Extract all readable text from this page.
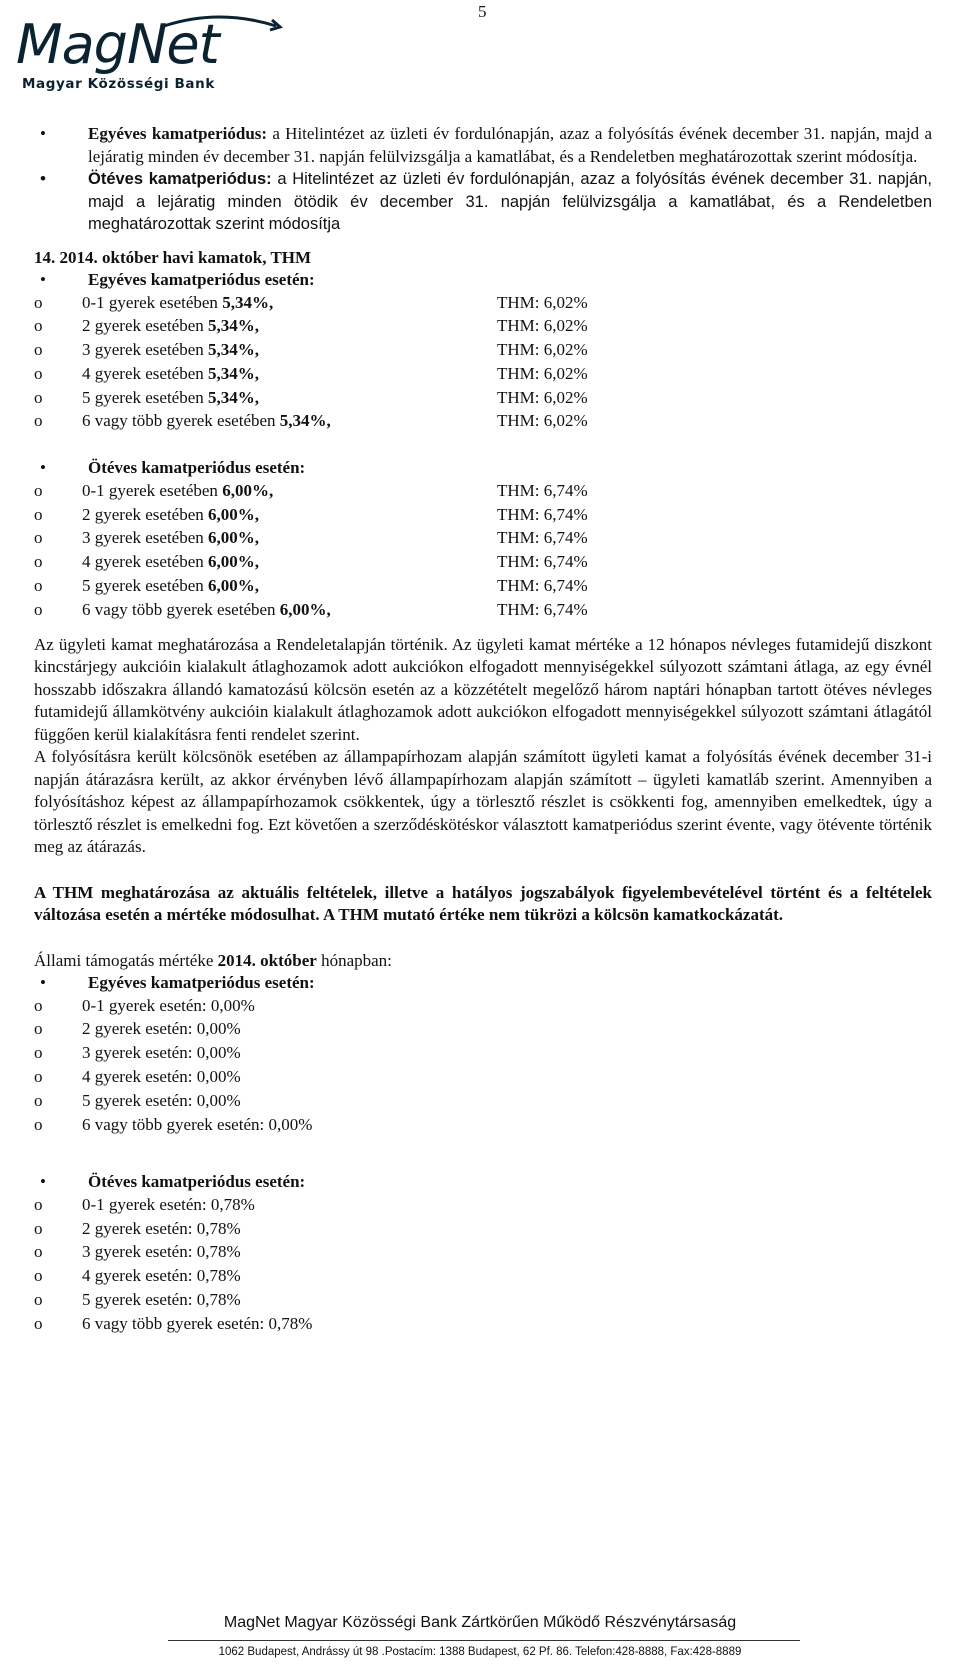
5
MagNet
Magyar Közösségi Bank
• Egyéves kamatperiódus: a Hitelintézet az üzleti év fordulónapján, azaz a folyósítás évének december 31. napján, majd a lejáratig minden év december 31. napján felülvizsgálja a kamatlábat, és a Rendeletben meghatározottak szerint módosítja.
• Ötéves kamatperiódus: a Hitelintézet az üzleti év fordulónapján, azaz a folyósítás évének december 31. napján, majd a lejáratig minden ötödik év december 31. napján felülvizsgálja a kamatlábat, és a Rendeletben meghatározottak szerint módosítja
14. 2014. október havi kamatok, THM
• Egyéves kamatperiódus esetén:
o 0-1 gyerek esetében 5,34%,	THM: 6,02%
o 2 gyerek esetében 5,34%,	THM: 6,02%
o 3 gyerek esetében 5,34%,	THM: 6,02%
o 4 gyerek esetében 5,34%,	THM: 6,02%
o 5 gyerek esetében 5,34%,	THM: 6,02%
o 6 vagy több gyerek esetében 5,34%,	THM: 6,02%
• Ötéves kamatperiódus esetén:
o 0-1 gyerek esetében 6,00%,	THM: 6,74%
o 2 gyerek esetében 6,00%,	THM: 6,74%
o 3 gyerek esetében 6,00%,	THM: 6,74%
o 4 gyerek esetében 6,00%,	THM: 6,74%
o 5 gyerek esetében 6,00%,	THM: 6,74%
o 6 vagy több gyerek esetében 6,00%,	THM: 6,74%
Az ügyleti kamat meghatározása a Rendeletalapján történik. Az ügyleti kamat mértéke a 12 hónapos névleges futamidejű diszkont kincstárjegy aukcióin kialakult átlaghozamok adott aukciókon elfogadott mennyiségekkel súlyozott számtani átlaga, az egy évnél hosszabb időszakra állandó kamatozású kölcsön esetén az a közzétételt megelőző három naptári hónapban tartott ötéves névleges futamidejű államkötvény aukcióin kialakult átlaghozamok adott aukciókon elfogadott mennyiségekkel súlyozott számtani átlagától függően kerül kialakításra fenti rendelet szerint.
A folyósításra került kölcsönök esetében az állampapírhozam alapján számított ügyleti kamat a folyósítás évének december 31-i napján átárazásra került, az akkor érvényben lévő állampapírhozam alapján számított – ügyleti kamatláb szerint. Amennyiben a folyósításhoz képest az állampapírhozamok csökkentek, úgy a törlesztő részlet is csökkenti fog, amennyiben emelkedtek, úgy a törlesztő részlet is emelkedni fog. Ezt követően a szerződéskötéskor választott kamatperiódus szerint évente, vagy ötévente történik meg az átárazás.
A THM meghatározása az aktuális feltételek, illetve a hatályos jogszabályok figyelembevételével történt és a feltételek változása esetén a mértéke módosulhat. A THM mutató értéke nem tükrözi a kölcsön kamatkockázatát.
Állami támogatás mértéke 2014. október hónapban:
• Egyéves kamatperiódus esetén:
o 0-1 gyerek esetén: 0,00%
o 2 gyerek esetén: 0,00%
o 3 gyerek esetén: 0,00%
o 4 gyerek esetén: 0,00%
o 5 gyerek esetén: 0,00%
o 6 vagy több gyerek esetén: 0,00%
• Ötéves kamatperiódus esetén:
o 0-1 gyerek esetén: 0,78%
o 2 gyerek esetén: 0,78%
o 3 gyerek esetén: 0,78%
o 4 gyerek esetén: 0,78%
o 5 gyerek esetén: 0,78%
o 6 vagy több gyerek esetén: 0,78%
MagNet Magyar Közösségi Bank Zártkörűen Működő Részvénytársaság
1062 Budapest, Andrássy út 98 .Postacím: 1388 Budapest, 62 Pf. 86. Telefon:428-8888, Fax:428-8889
